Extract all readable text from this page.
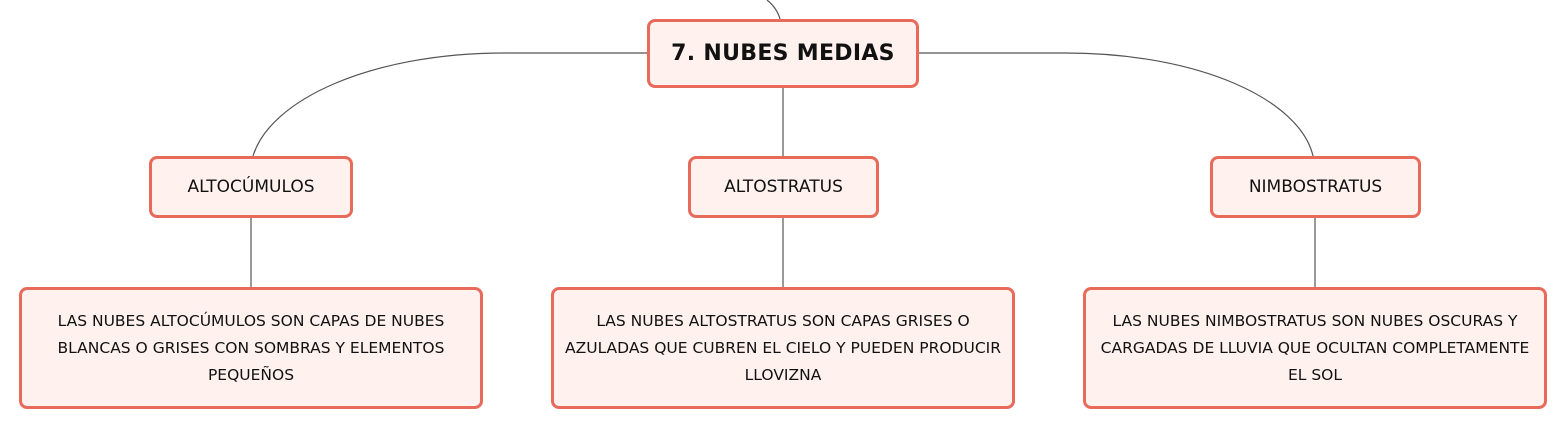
7. NUBES MEDIAS
ALTOCÚMULOS	ALTOSTRATUS	NIMBOSTRATUS
LAS NUBES ALTOCÚMULOS SON CAPAS DE NUBES BLANCAS O GRISES CON SOMBRAS Y ELEMENTOS PEQUEÑOS
LAS NUBES ALTOSTRATUS SON CAPAS GRISES O AZULADAS QUE CUBREN EL CIELO Y PUEDEN PRODUCIR LLOVIZNA
LAS NUBES NIMBOSTRATUS SON NUBES OSCURAS Y CARGADAS DE LLUVIA QUE OCULTAN COMPLETAMENTE EL SOL
